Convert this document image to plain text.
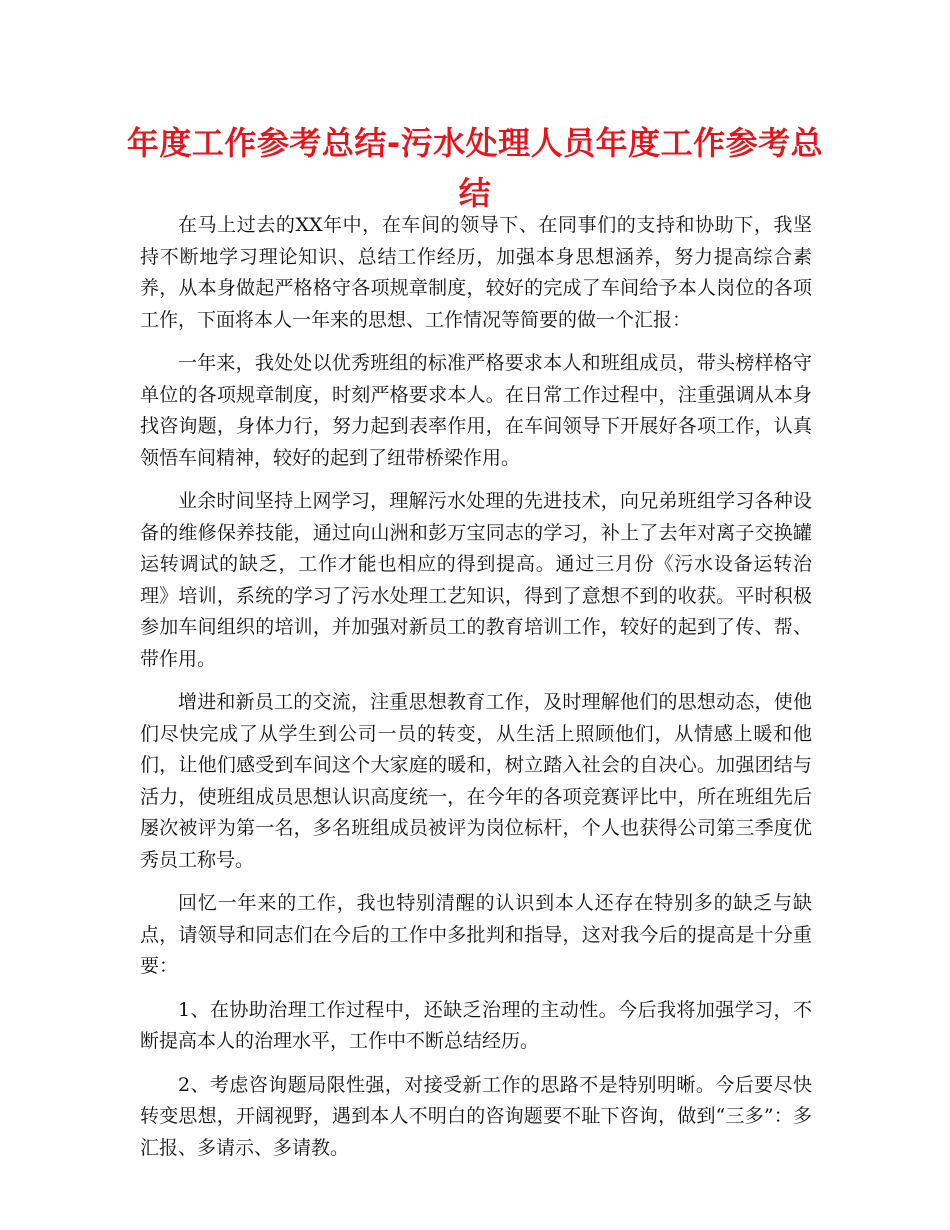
年度工作参考总结-污水处理人员年度工作参考总结

在马上过去的XX年中，在车间的领导下、在同事们的支持和协助下，我坚持不断地学习理论知识、总结工作经历，加强本身思想涵养，努力提高综合素养，从本身做起严格格守各项规章制度，较好的完成了车间给予本人岗位的各项工作，下面将本人一年来的思想、工作情况等简要的做一个汇报：

一年来，我处处以优秀班组的标准严格要求本人和班组成员，带头榜样格守单位的各项规章制度，时刻严格要求本人。在日常工作过程中，注重强调从本身找咨询题，身体力行，努力起到表率作用，在车间领导下开展好各项工作，认真领悟车间精神，较好的起到了纽带桥梁作用。

业余时间坚持上网学习，理解污水处理的先进技术，向兄弟班组学习各种设备的维修保养技能，通过向山洲和彭万宝同志的学习，补上了去年对离子交换罐运转调试的缺乏，工作才能也相应的得到提高。通过三月份《污水设备运转治理》培训，系统的学习了污水处理工艺知识，得到了意想不到的收获。平时积极参加车间组织的培训，并加强对新员工的教育培训工作，较好的起到了传、帮、带作用。

增进和新员工的交流，注重思想教育工作，及时理解他们的思想动态，使他们尽快完成了从学生到公司一员的转变，从生活上照顾他们，从情感上暖和他们，让他们感受到车间这个大家庭的暖和，树立踏入社会的自决心。加强团结与活力，使班组成员思想认识高度统一，在今年的各项竞赛评比中，所在班组先后屡次被评为第一名，多名班组成员被评为岗位标杆，个人也获得公司第三季度优秀员工称号。

回忆一年来的工作，我也特别清醒的认识到本人还存在特别多的缺乏与缺点，请领导和同志们在今后的工作中多批判和指导，这对我今后的提高是十分重要：

1、在协助治理工作过程中，还缺乏治理的主动性。今后我将加强学习，不断提高本人的治理水平，工作中不断总结经历。

2、考虑咨询题局限性强，对接受新工作的思路不是特别明晰。今后要尽快转变思想，开阔视野，遇到本人不明白的咨询题要不耻下咨询，做到“三多”：多汇报、多请示、多请教。
